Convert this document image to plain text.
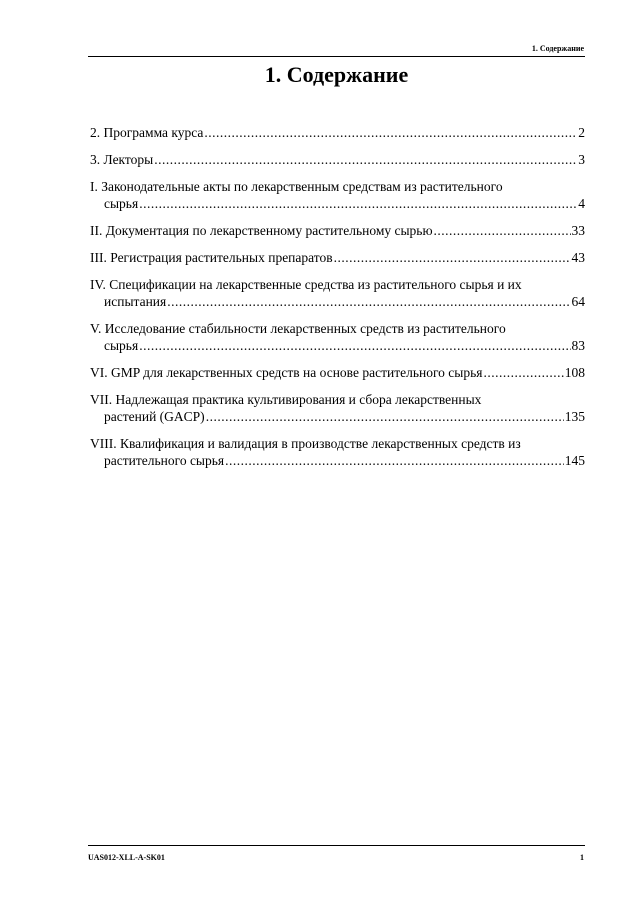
1. Содержание
1. Содержание
2. Программа курса .....	2
3. Лекторы .....	3
I. Законодательные акты по лекарственным средствам из растительного
сырья .....	4
II. Документация по лекарственному растительному сырью .....	33
III. Регистрация растительных препаратов .....	43
IV. Спецификации на лекарственные средства из растительного сырья и их
испытания .....	64
V. Исследование стабильности лекарственных средств из растительного
сырья .....	83
VI. GMP для лекарственных средств на основе растительного сырья .....	108
VII. Надлежащая практика культивирования и сбора лекарственных
растений (GACP) .....	135
VIII. Квалификация и валидация в производстве лекарственных средств из
растительного сырья .....	145
UAS012-XLL-A-SK01	1
